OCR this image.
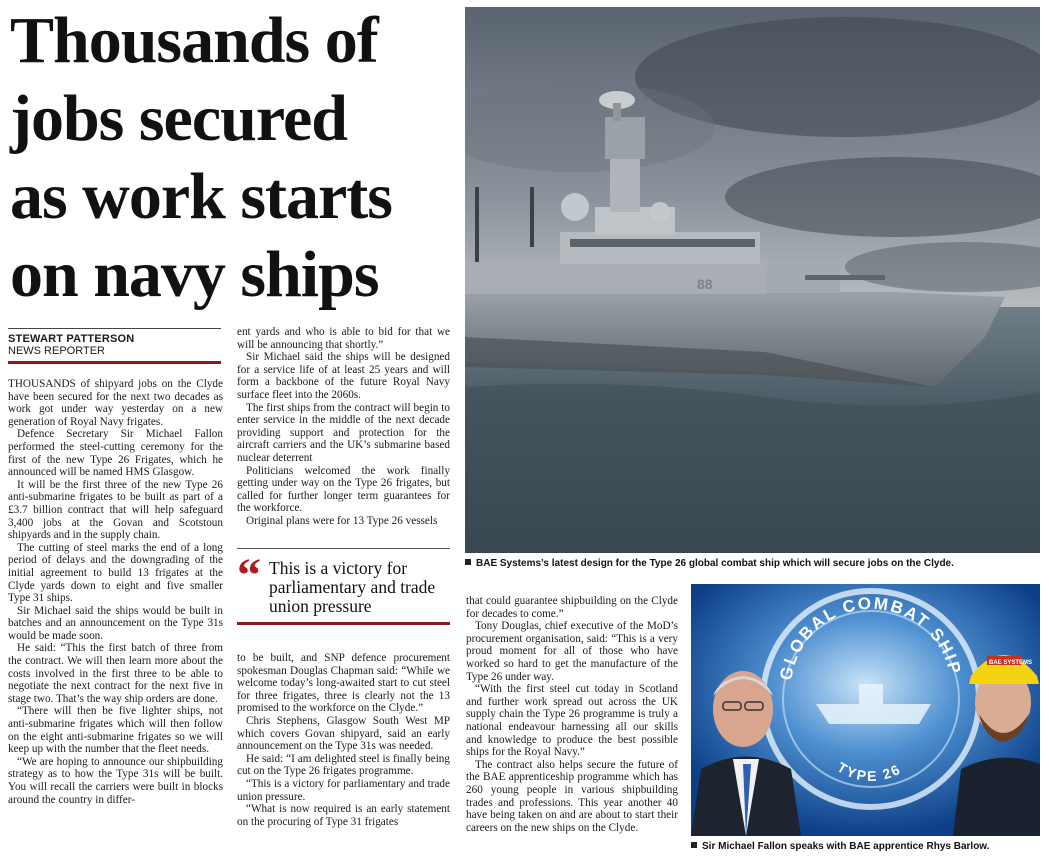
Thousands of
jobs secured
as work starts
on navy ships
STEWART PATTERSON
NEWS REPORTER

THOUSANDS of shipyard jobs on the Clyde have been secured for the next two decades as work got under way yesterday on a new generation of Royal Navy frigates.

Defence Secretary Sir Michael Fallon performed the steel-cutting ceremony for the first of the new Type 26 Frigates, which he announced will be named HMS Glasgow.

It will be the first three of the new Type 26 anti-submarine frigates to be built as part of a £3.7 billion contract that will help safeguard 3,400 jobs at the Govan and Scotstoun shipyards and in the supply chain.

The cutting of steel marks the end of a long period of delays and the downgrading of the initial agreement to build 13 frigates at the Clyde yards down to eight and five smaller Type 31 ships.

Sir Michael said the ships would be built in batches and an announcement on the Type 31s would be made soon.

He said: “This the first batch of three from the contract. We will then learn more about the costs involved in the first three to be able to negotiate the next contract for the next five in stage two. That’s the way ship orders are done.

“There will then be five lighter ships, not anti-submarine frigates which will then follow on the eight anti-submarine frigates so we will keep up with the number that the fleet needs.

“We are hoping to announce our shipbuilding strategy as to how the Type 31s will be built. You will recall the carriers were built in blocks around the country in differ-

ent yards and who is able to bid for that we will be announcing that shortly.”

Sir Michael said the ships will be designed for a service life of at least 25 years and will form a backbone of the future Royal Navy surface fleet into the 2060s.

The first ships from the contract will begin to enter service in the middle of the next decade providing support and protection for the aircraft carriers and the UK’s submarine based nuclear deterrent

Politicians welcomed the work finally getting under way on the Type 26 frigates, but called for further longer term guarantees for the workforce.

Original plans were for 13 Type 26 vessels

“ This is a victory for parliamentary and trade union pressure

to be built, and SNP defence procurement spokesman Douglas Chapman said: “While we welcome today’s long-awaited start to cut steel for three frigates, three is clearly not the 13 promised to the workforce on the Clyde.”

Chris Stephens, Glasgow South West MP which covers Govan shipyard, said an early announcement on the Type 31s was needed.

He said: “I am delighted steel is finally being cut on the Type 26 frigates programme.

“This is a victory for parliamentary and trade union pressure.

“What is now required is an early statement on the procuring of Type 31 frigates

that could guarantee shipbuilding on the Clyde for decades to come.”

Tony Douglas, chief executive of the MoD’s procurement organisation, said: “This is a very proud moment for all of those who have worked so hard to get the manufacture of the Type 26 under way.

“With the first steel cut today in Scotland and further work spread out across the UK supply chain the Type 26 programme is truly a national endeavour harnessing all our skills and knowledge to produce the best possible ships for the Royal Navy.”

The contract also helps secure the future of the BAE apprenticeship programme which has 260 young people in various shipbuilding trades and professions. This year another 40 have being taken on and are about to start their careers on the new ships on the Clyde.

88
BAE Systems’s latest design for the Type 26 global combat ship which will secure jobs on the Clyde.
GLOBAL COMBAT SHIP
TYPE 26
BAE SYSTEMS
Sir Michael Fallon speaks with BAE apprentice Rhys Barlow.
